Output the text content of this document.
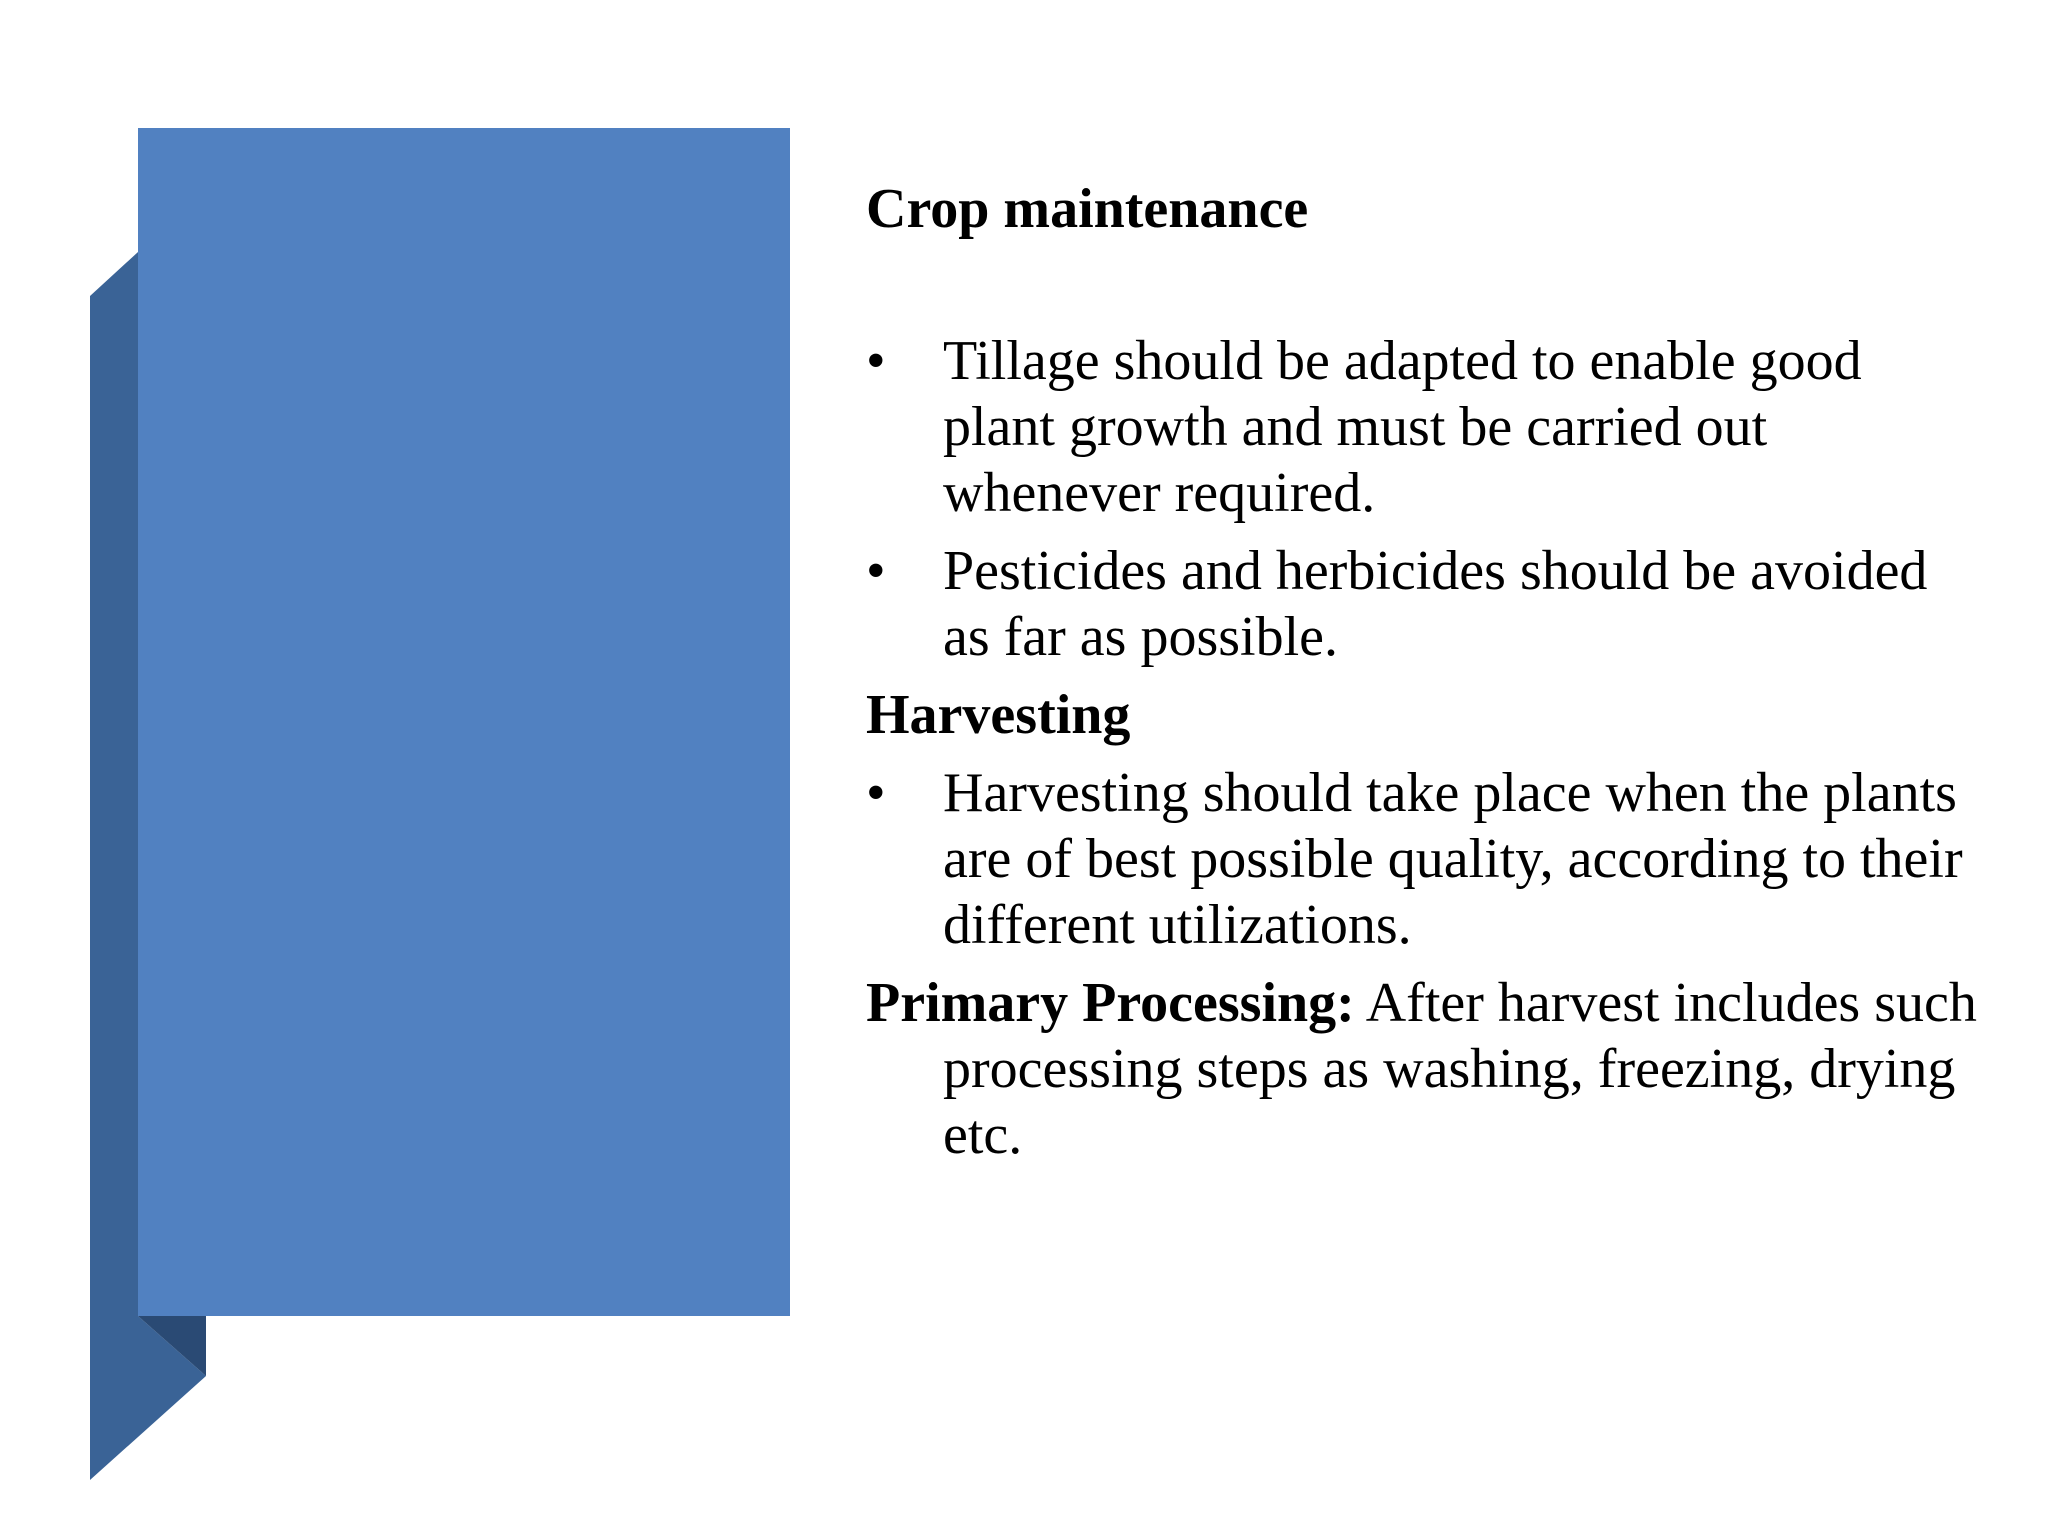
Crop maintenance
•	Tillage should be adapted to enable good plant growth and must be carried out whenever required.
•	Pesticides and herbicides should be avoided as far as possible.
Harvesting
•	Harvesting should take place when the plants are of best possible quality, according to their different utilizations.

Primary Processing: After harvest includes such processing steps as washing, freezing, drying etc.
